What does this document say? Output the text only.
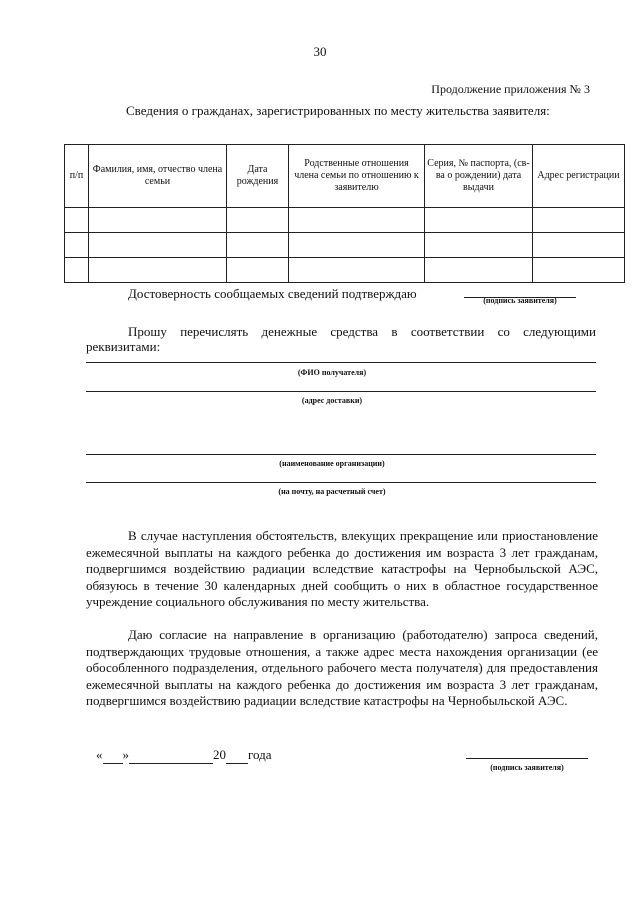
30
Продолжение приложения № 3
Сведения о гражданах, зарегистрированных по месту жительства заявителя:
п/п	Фамилия, имя, отчество члена семьи	Дата рождения	Родственные отношения члена семьи по отношению к заявителю	Серия, № паспорта, (св-ва о рождении) дата выдачи	Адрес регистрации

Достоверность сообщаемых сведений подтверждаю	(подпись заявителя)
Прошу перечислять денежные средства в соответствии со следующими реквизитами:
(ФИО получателя)
(адрес доставки)
(наименование организации)
(на почту, на расчетный счет)
В случае наступления обстоятельств, влекущих прекращение или приостановление ежемесячной выплаты на каждого ребенка до достижения им возраста 3 лет гражданам, подвергшимся воздействию радиации вследствие катастрофы на Чернобыльской АЭС, обязуюсь в течение 30 календарных дней сообщить о них в областное государственное учреждение социального обслуживания по месту жительства.
Даю согласие на направление в организацию (работодателю) запроса сведений, подтверждающих трудовые отношения, а также адрес места нахождения организации (ее обособленного подразделения, отдельного рабочего места получателя) для предоставления ежемесячной выплаты на каждого ребенка до достижения им возраста 3 лет гражданам, подвергшимся воздействию радиации вследствие катастрофы на Чернобыльской АЭС.
« »	20 года
(подпись заявителя)
